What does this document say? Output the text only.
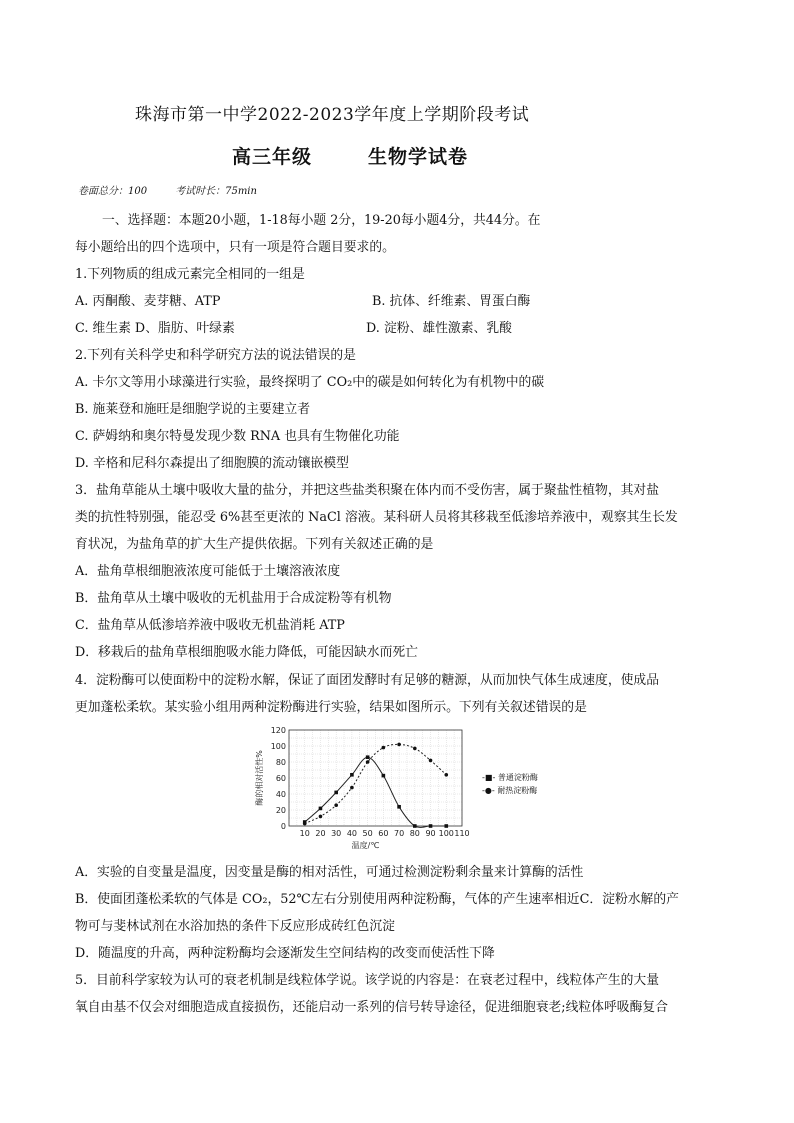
珠海市第一中学2022-2023学年度上学期阶段考试
高三年级	生物学试卷
卷面总分：100	考试时长：75min
一、选择题：本题20小题，1-18每小题 2分，19-20每小题4分，共44分。在
每小题给出的四个选项中，只有一项是符合题目要求的。
1.下列物质的组成元素完全相同的一组是
A. 丙酮酸、麦芽糖、ATP	B. 抗体、纤维素、胃蛋白酶
C. 维生素 D、脂肪、叶绿素	D. 淀粉、雄性激素、乳酸
2.下列有关科学史和科学研究方法的说法错误的是
A. 卡尔文等用小球藻进行实验，最终探明了 CO₂中的碳是如何转化为有机物中的碳
B. 施莱登和施旺是细胞学说的主要建立者
C. 萨姆纳和奥尔特曼发现少数 RNA 也具有生物催化功能
D. 辛格和尼科尔森提出了细胞膜的流动镶嵌模型
3．盐角草能从土壤中吸收大量的盐分，并把这些盐类积聚在体内而不受伤害，属于聚盐性植物，其对盐
类的抗性特别强，能忍受 6%甚至更浓的 NaCl 溶液。某科研人员将其移栽至低渗培养液中，观察其生长发
育状况，为盐角草的扩大生产提供依据。下列有关叙述正确的是
A．盐角草根细胞液浓度可能低于土壤溶液浓度
B．盐角草从土壤中吸收的无机盐用于合成淀粉等有机物
C．盐角草从低渗培养液中吸收无机盐消耗 ATP
D．移栽后的盐角草根细胞吸水能力降低，可能因缺水而死亡
4．淀粉酶可以使面粉中的淀粉水解，保证了面团发酵时有足够的糖源，从而加快气体生成速度，使成品
更加蓬松柔软。某实验小组用两种淀粉酶进行实验，结果如图所示。下列有关叙述错误的是
10 20 30 40 50 60 70 80 90 100 110
0
20
40
60
80
100
120
温度/℃
酶的相对活性%	-■- 普通淀粉酶
-●- 耐热淀粉酶
A．实验的自变量是温度，因变量是酶的相对活性，可通过检测淀粉剩余量来计算酶的活性
B．使面团蓬松柔软的气体是 CO₂，52℃左右分别使用两种淀粉酶，气体的产生速率相近C．淀粉水解的产
物可与斐林试剂在水浴加热的条件下反应形成砖红色沉淀
D．随温度的升高，两种淀粉酶均会逐渐发生空间结构的改变而使活性下降
5．目前科学家较为认可的衰老机制是线粒体学说。该学说的内容是：在衰老过程中，线粒体产生的大量
氧自由基不仅会对细胞造成直接损伤，还能启动一系列的信号转导途径，促进细胞衰老;线粒体呼吸酶复合
